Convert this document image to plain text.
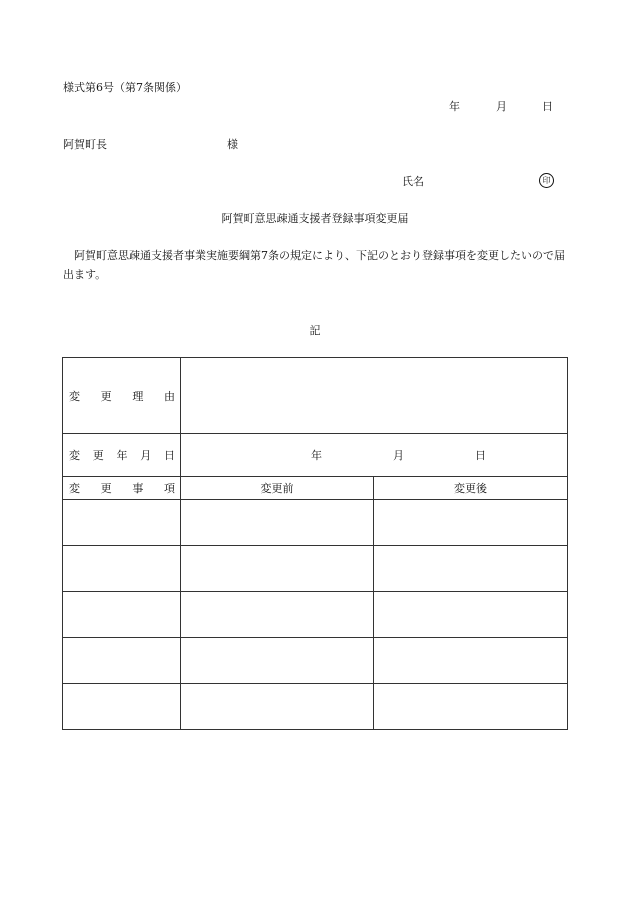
様式第6号（第7条関係）
年	月	日
阿賀町長	様
氏名	印
阿賀町意思疎通支援者登録事項変更届
阿賀町意思疎通支援者事業実施要綱第7条の規定により、下記のとおり登録事項を変更したいので届出ます。
記
変 更 理 由		

変 更 年 月 日	年 月 日	

変 更 事 項	変更前	変更後
